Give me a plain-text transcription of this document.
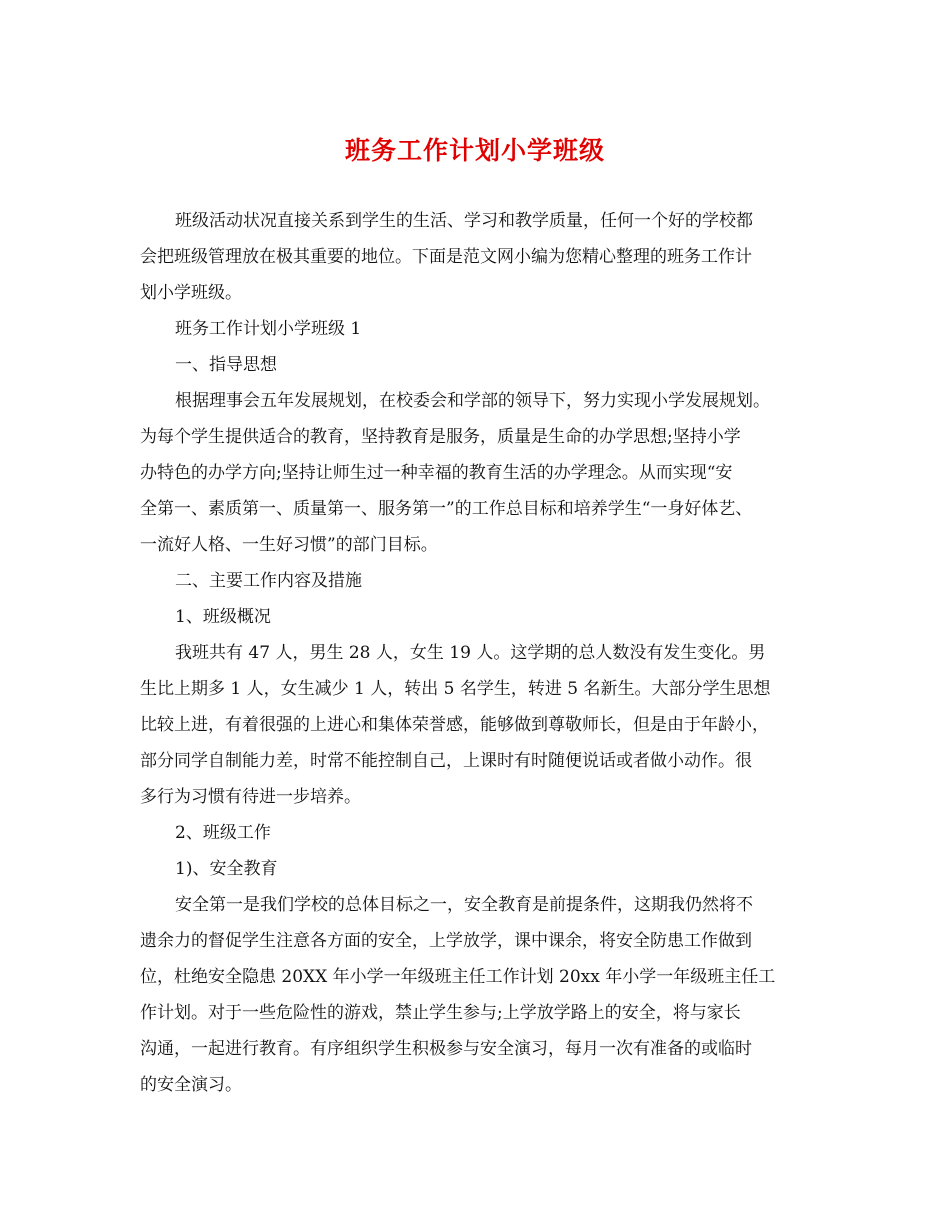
班务工作计划小学班级
班级活动状况直接关系到学生的生活、学习和教学质量，任何一个好的学校都
会把班级管理放在极其重要的地位。下面是范文网小编为您精心整理的班务工作计
划小学班级。
班务工作计划小学班级 1
一、指导思想
根据理事会五年发展规划，在校委会和学部的领导下，努力实现小学发展规划。
为每个学生提供适合的教育，坚持教育是服务，质量是生命的办学思想;坚持小学
办特色的办学方向;坚持让师生过一种幸福的教育生活的办学理念。从而实现“安
全第一、素质第一、质量第一、服务第一”的工作总目标和培养学生“一身好体艺、
一流好人格、一生好习惯”的部门目标。
二、主要工作内容及措施
1、班级概况
我班共有 47 人，男生 28 人，女生 19 人。这学期的总人数没有发生变化。男
生比上期多 1 人，女生减少 1 人，转出 5 名学生，转进 5 名新生。大部分学生思想
比较上进，有着很强的上进心和集体荣誉感，能够做到尊敬师长，但是由于年龄小，
部分同学自制能力差，时常不能控制自己，上课时有时随便说话或者做小动作。很
多行为习惯有待进一步培养。
2、班级工作
1)、安全教育
安全第一是我们学校的总体目标之一，安全教育是前提条件，这期我仍然将不
遗余力的督促学生注意各方面的安全，上学放学，课中课余，将安全防患工作做到
位，杜绝安全隐患 20XX 年小学一年级班主任工作计划 20xx 年小学一年级班主任工
作计划。对于一些危险性的游戏，禁止学生参与;上学放学路上的安全，将与家长
沟通，一起进行教育。有序组织学生积极参与安全演习，每月一次有准备的或临时
的安全演习。
